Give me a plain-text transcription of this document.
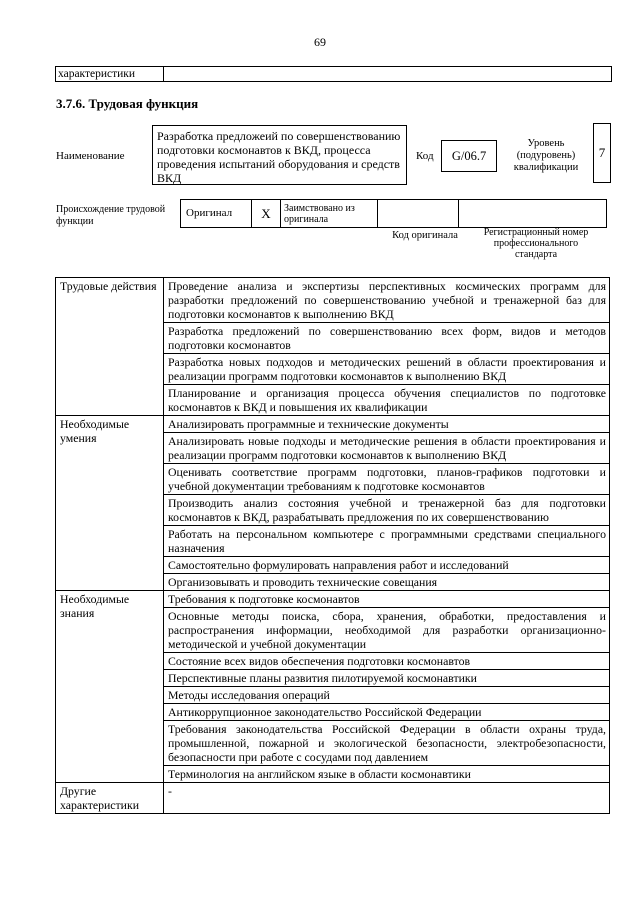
69
характеристики
3.7.6. Трудовая функция
Наименование
Разработка предложеий по совершенствованию подготовки космонавтов к ВКД, процесса проведения испытаний оборудования и средств ВКД
Код	G/06.7
Уровень (подуровень) квалификации
7
Происхождение трудовой функции
Оригинал	X	Заимствовано из оригинала
Код оригинала	Регистрационный номер профессионального стандарта
Трудовые действия	Проведение анализа и экспертизы перспективных космических программ для разработки предложений по совершенствованию учебной и тренажерной баз для подготовки космонавтов к выполнению ВКД
	Разработка предложений по совершенствованию всех форм, видов и методов подготовки космонавтов
	Разработка новых подходов и методических решений в области проектирования и реализации программ подготовки космонавтов к выполнению ВКД
	Планирование и организация процесса обучения специалистов по подготовке космонавтов к ВКД и повышения их квалификации
Необходимые умения	Анализировать программные и технические документы
	Анализировать новые подходы и методические решения в области проектирования и реализации программ подготовки космонавтов к выполнению ВКД
	Оценивать соответствие программ подготовки, планов-графиков подготовки и учебной документации требованиям к подготовке космонавтов
	Производить анализ состояния учебной и тренажерной баз для подготовки космонавтов к ВКД, разрабатывать предложения по их совершенствованию
	Работать на персональном компьютере с программными средствами специального назначения
	Самостоятельно формулировать направления работ и исследований
	Организовывать и проводить технические совещания
Необходимые знания	Требования к подготовке космонавтов
	Основные методы поиска, сбора, хранения, обработки, предоставления и распространения информации, необходимой для разработки организационно-методической и учебной документации
	Состояние всех видов обеспечения подготовки космонавтов
	Перспективные планы развития пилотируемой космонавтики
	Методы исследования операций
	Антикоррупционное законодательство Российской Федерации
	Требования законодательства Российской Федерации в области охраны труда, промышленной, пожарной и экологической безопасности, электробезопасности, безопасности при работе с сосудами под давлением
	Терминология на английском языке в области космонавтики
Другие характеристики	-
